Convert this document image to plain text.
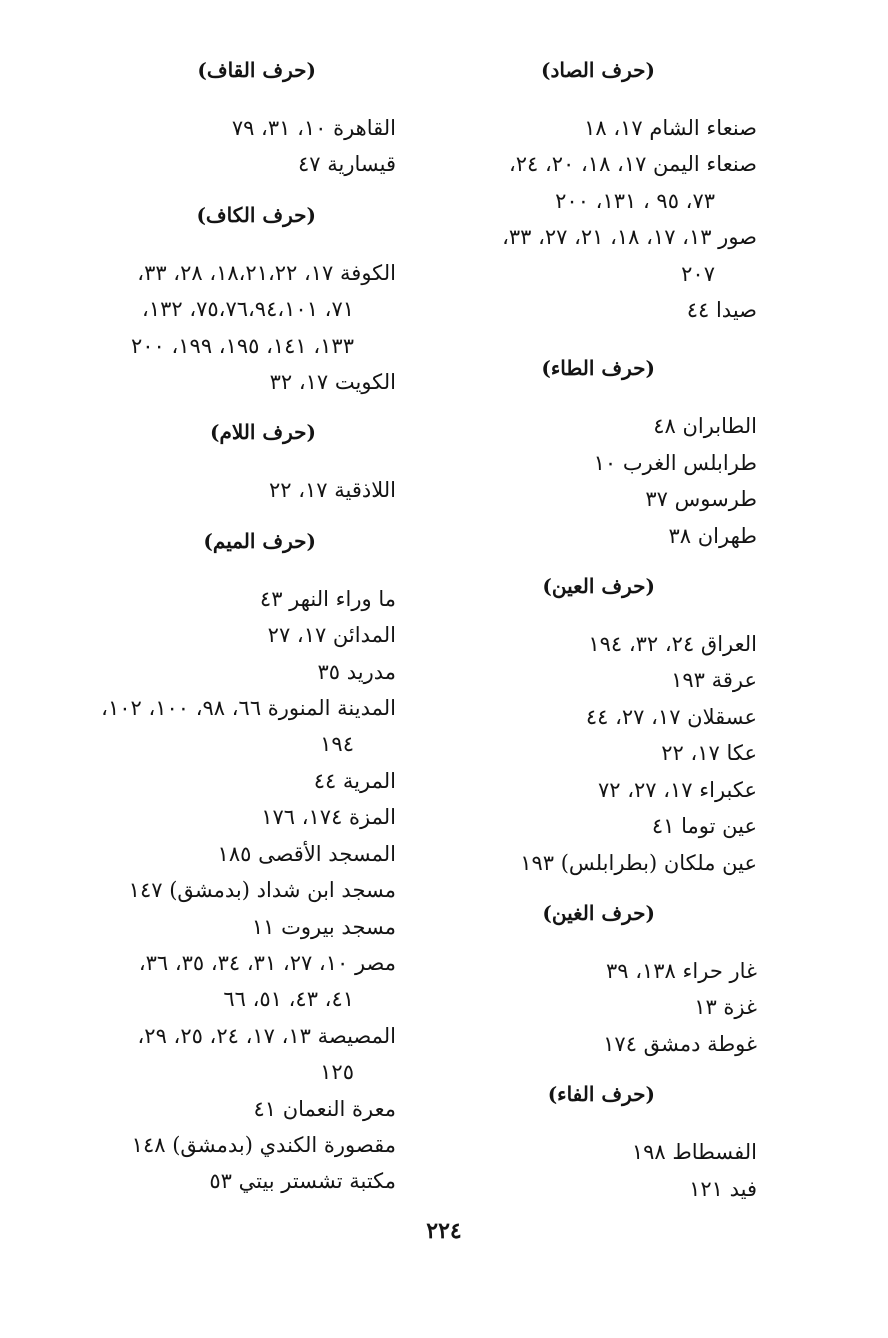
(حرف الصاد)
صنعاء الشام ١٧، ١٨
صنعاء اليمن ١٧، ١٨، ٢٠، ٢٤،
٧٣، ٩٥ ، ١٣١، ٢٠٠
صور ١٣، ١٧، ١٨، ٢١، ٢٧، ٣٣،
٢٠٧
صيدا ٤٤
(حرف الطاء)
الطابران ٤٨
طرابلس الغرب ١٠
طرسوس ٣٧
طهران ٣٨
(حرف العين)
العراق ٢٤، ٣٢، ١٩٤
عرقة ١٩٣
عسقلان ١٧، ٢٧، ٤٤
عكا ١٧، ٢٢
عكبراء ١٧، ٢٧، ٧٢
عين توما ٤١
عين ملكان (بطرابلس) ١٩٣
(حرف الغين)
غار حراء ١٣٨، ٣٩
غزة ١٣
غوطة دمشق ١٧٤
(حرف الفاء)
الفسطاط ١٩٨
فيد ١٢١
(حرف القاف)
القاهرة ١٠، ٣١، ٧٩
قيسارية ٤٧
(حرف الكاف)
الكوفة ١٧، ١٨،٢١،٢٢، ٢٨، ٣٣،
٧١، ٧٥،٧٦،٩٤،١٠١، ١٣٢،
١٣٣، ١٤١، ١٩٥، ١٩٩، ٢٠٠
الكويت ١٧، ٣٢
(حرف اللام)
اللاذقية ١٧، ٢٢
(حرف الميم)
ما وراء النهر ٤٣
المدائن ١٧، ٢٧
مدريد ٣٥
المدينة المنورة ٦٦، ٩٨، ١٠٠، ١٠٢،
١٩٤
المرية ٤٤
المزة ١٧٤، ١٧٦
المسجد الأقصى ١٨٥
مسجد ابن شداد (بدمشق) ١٤٧
مسجد بيروت ١١
مصر ١٠، ٢٧، ٣١، ٣٤، ٣٥، ٣٦،
٤١، ٤٣، ٥١، ٦٦
المصيصة ١٣، ١٧، ٢٤، ٢٥، ٢٩،
١٢٥
معرة النعمان ٤١
مقصورة الكندي (بدمشق) ١٤٨
مكتبة تشستر بيتي ٥٣
٢٢٤
